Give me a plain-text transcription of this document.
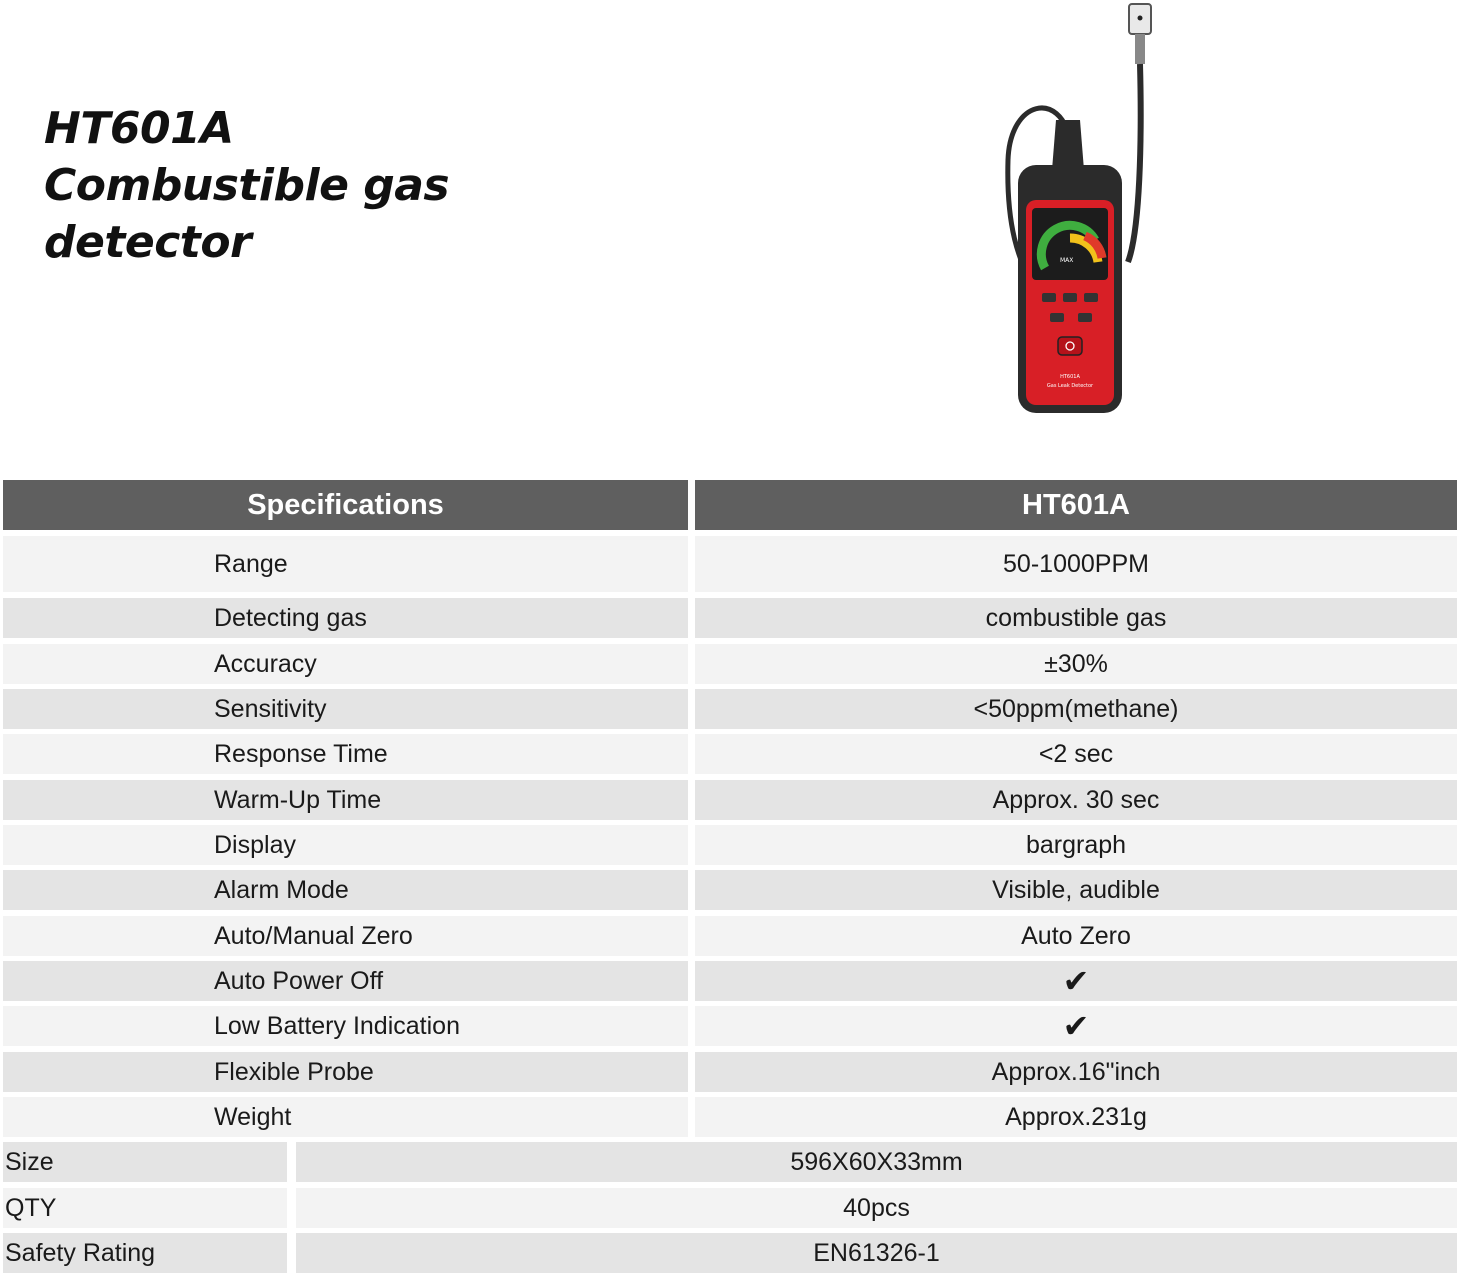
HT601A
Combustible gas
detector	MAX
HT601A
Gas Leak Detector
Specifications	HT601A
Range	50-1000PPM
Detecting gas	combustible gas
Accuracy	±30%
Sensitivity	<50ppm(methane)
Response Time	<2 sec
Warm-Up Time	Approx. 30 sec
Display	bargraph
Alarm Mode	Visible, audible
Auto/Manual Zero	Auto Zero
Auto Power Off	✔
Low Battery Indication	✔
Flexible Probe	Approx.16"inch
Weight	Approx.231g
Size	596X60X33mm
QTY	40pcs
Safety Rating	EN61326-1
